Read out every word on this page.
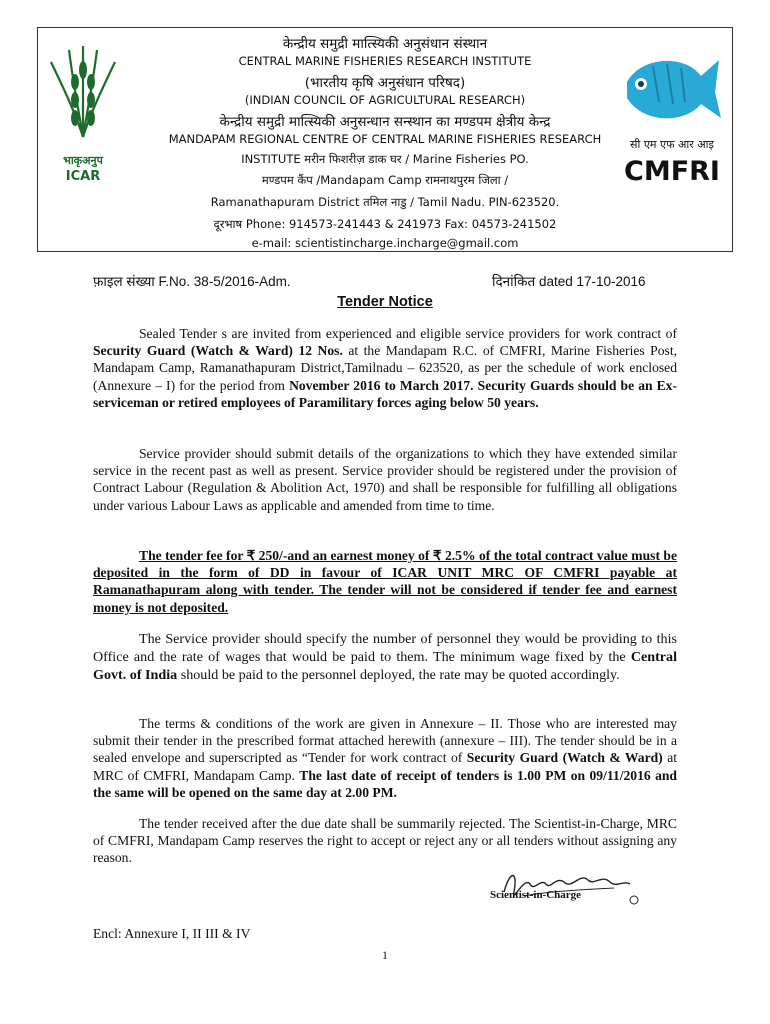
भाकृअनुप
ICAR
सी एम एफ आर आइ
CMFRI
केन्द्रीय समुद्री मात्स्यिकी अनुसंधान संस्थान
CENTRAL MARINE FISHERIES RESEARCH INSTITUTE
(भारतीय कृषि अनुसंधान परिषद)
(INDIAN COUNCIL OF AGRICULTURAL RESEARCH)
केन्द्रीय समुद्री मात्स्यिकी अनुसन्धान सन्स्थान का मण्डपम क्षेत्रीय केन्द्र
MANDAPAM REGIONAL CENTRE OF CENTRAL MARINE FISHERIES RESEARCH
INSTITUTE मरीन फिशरीज़ डाक घर / Marine Fisheries PO.
मण्डपम कैंप /Mandapam Camp रामनाथपुरम जिला /
Ramanathapuram District तमिल नाडु / Tamil Nadu. PIN-623520.
दूरभाष Phone: 914573-241443 & 241973 Fax: 04573-241502
e-mail: scientistincharge.incharge@gmail.com
फ़ाइल संख्या F.No. 38-5/2016-Adm.	दिनांकित dated 17-10-2016
Tender Notice

Sealed Tender s are invited from experienced and eligible service providers for work contract of Security Guard (Watch & Ward) 12 Nos. at the Mandapam R.C. of CMFRI, Marine Fisheries Post, Mandapam Camp, Ramanathapuram District,Tamilnadu – 623520, as per the schedule of work enclosed (Annexure – I) for the period from November 2016 to March 2017. Security Guards should be an Ex-serviceman or retired employees of Paramilitary forces aging below 50 years.

Service provider should submit details of the organizations to which they have extended similar service in the recent past as well as present. Service provider should be registered under the provision of Contract Labour (Regulation & Abolition Act, 1970) and shall be responsible for fulfilling all obligations under various Labour Laws as applicable and amended from time to time.

The tender fee for ₹ 250/-and an earnest money of ₹ 2.5% of the total contract value must be deposited in the form of DD in favour of ICAR UNIT MRC OF CMFRI payable at Ramanathapuram along with tender. The tender will not be considered if tender fee and earnest money is not deposited.

The Service provider should specify the number of personnel they would be providing to this Office and the rate of wages that would be paid to them. The minimum wage fixed by the Central Govt. of India should be paid to the personnel deployed, the rate may be quoted accordingly.

The terms & conditions of the work are given in Annexure – II. Those who are interested may submit their tender in the prescribed format attached herewith (annexure – III). The tender should be in a sealed envelope and superscripted as “Tender for work contract of Security Guard (Watch & Ward) at MRC of CMFRI, Mandapam Camp. The last date of receipt of tenders is 1.00 PM on 09/11/2016 and the same will be opened on the same day at 2.00 PM.

The tender received after the due date shall be summarily rejected. The Scientist-in-Charge, MRC of CMFRI, Mandapam Camp reserves the right to accept or reject any or all tenders without assigning any reason.

Scientist-in-Charge
Encl: Annexure I, II III & IV
1
